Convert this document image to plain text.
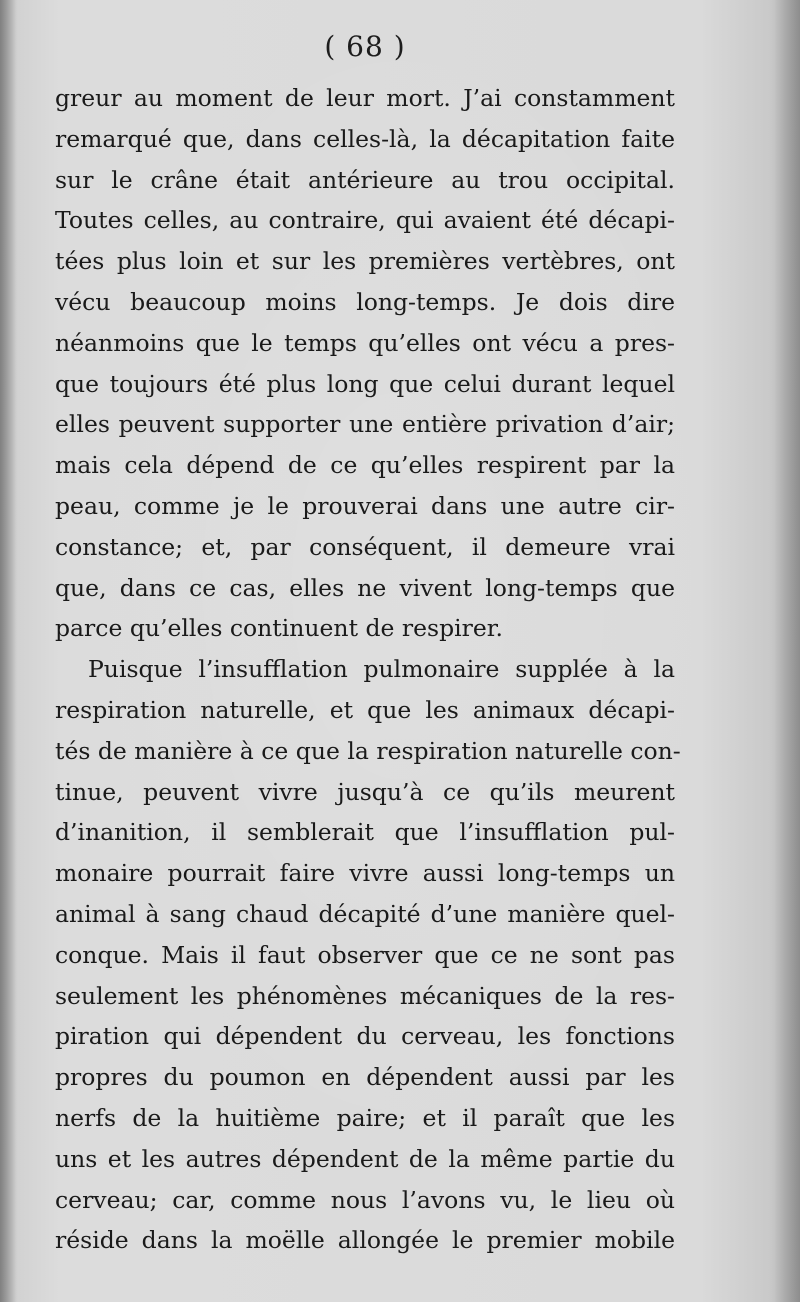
( 68 )
greur au moment de leur mort. J’ai constamment
remarqué que, dans celles-là, la décapitation faite
sur le crâne était antérieure au trou occipital.
Toutes celles, au contraire, qui avaient été décapi-
tées plus loin et sur les premières vertèbres, ont
vécu beaucoup moins long-temps. Je dois dire
néanmoins que le temps qu’elles ont vécu a pres-
que toujours été plus long que celui durant lequel
elles peuvent supporter une entière privation d’air;
mais cela dépend de ce qu’elles respirent par la
peau, comme je le prouverai dans une autre cir-
constance; et, par conséquent, il demeure vrai
que, dans ce cas, elles ne vivent long-temps que
parce qu’elles continuent de respirer.
Puisque l’insufflation pulmonaire supplée à la
respiration naturelle, et que les animaux décapi-
tés de manière à ce que la respiration naturelle con-
tinue, peuvent vivre jusqu’à ce qu’ils meurent
d’inanition, il semblerait que l’insufflation pul-
monaire pourrait faire vivre aussi long-temps un
animal à sang chaud décapité d’une manière quel-
conque. Mais il faut observer que ce ne sont pas
seulement les phénomènes mécaniques de la res-
piration qui dépendent du cerveau, les fonctions
propres du poumon en dépendent aussi par les
nerfs de la huitième paire; et il paraît que les
uns et les autres dépendent de la même partie du
cerveau; car, comme nous l’avons vu, le lieu où
réside dans la moëlle allongée le premier mobile
